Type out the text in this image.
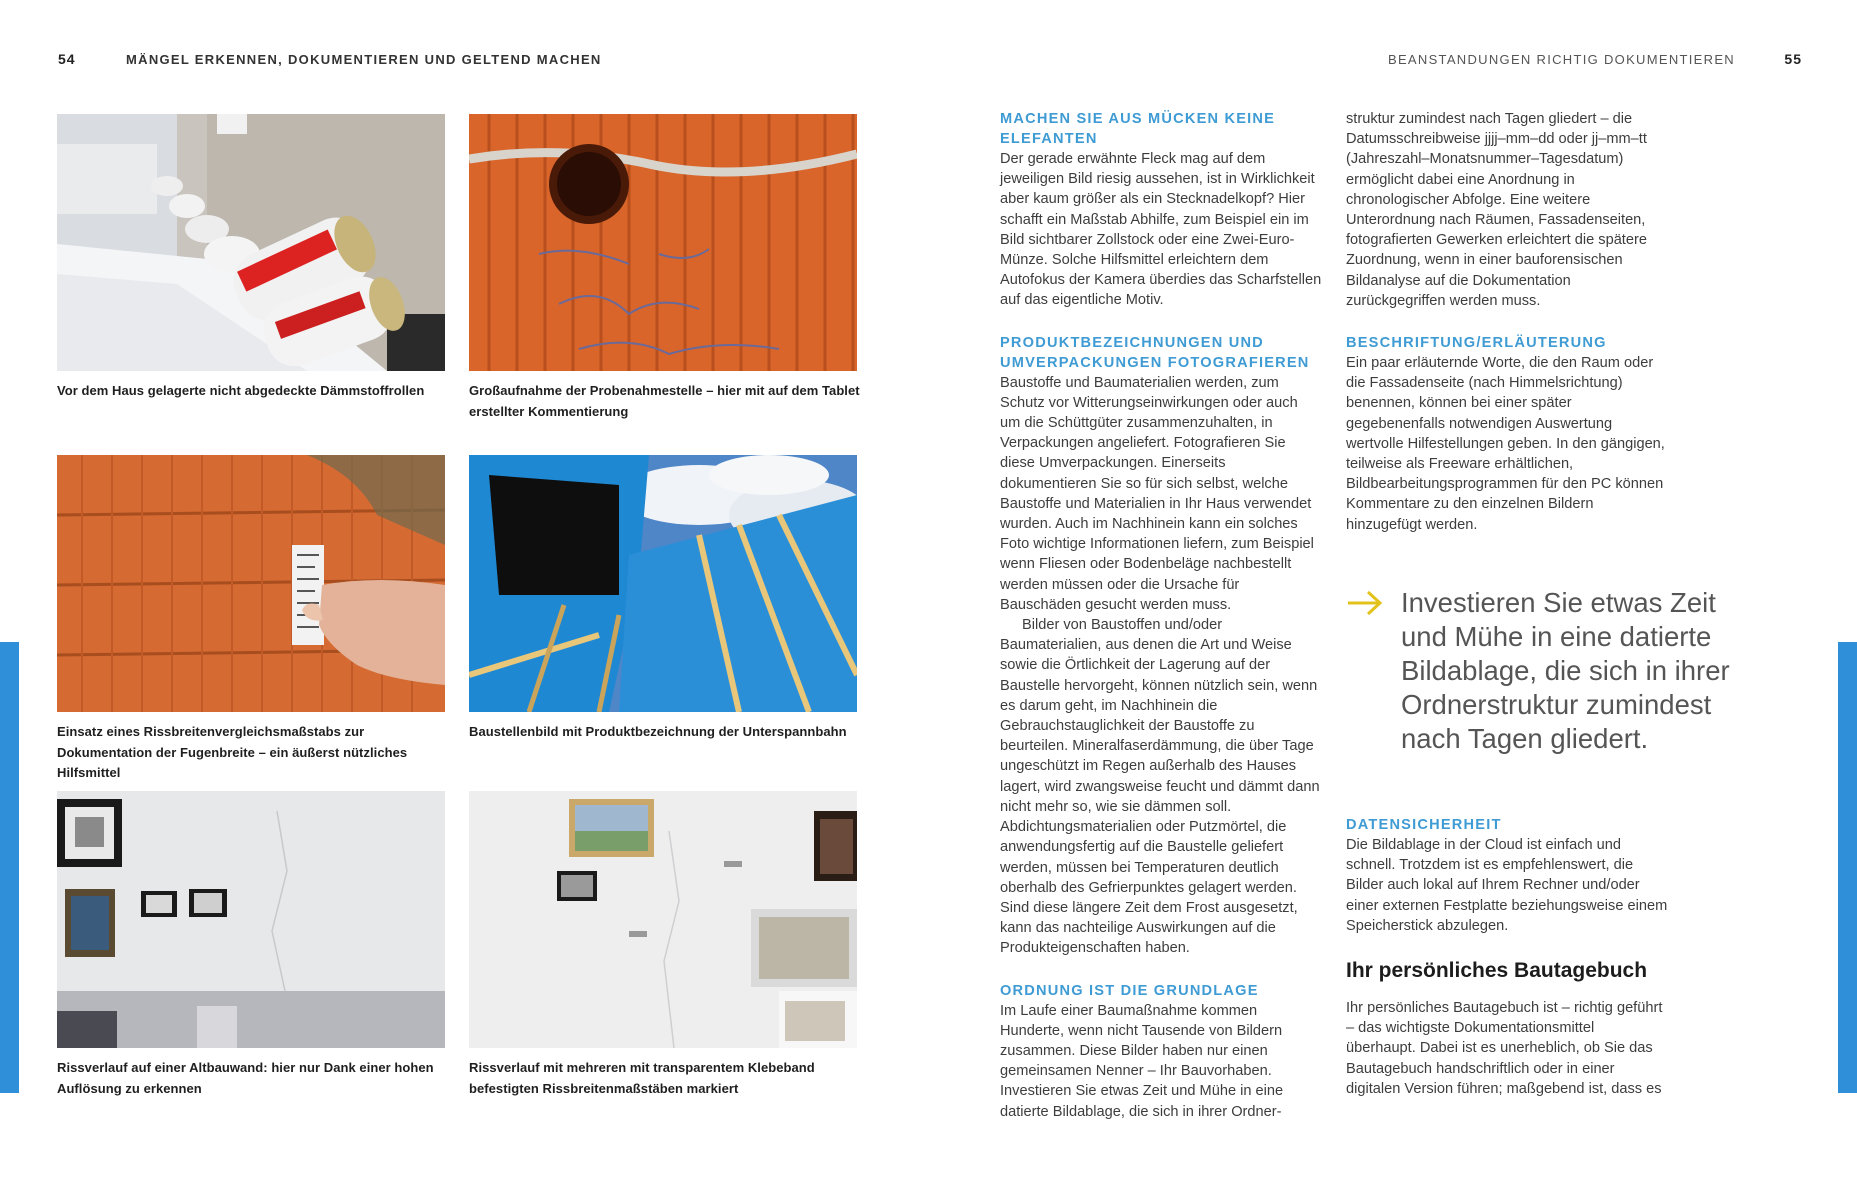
54	MÄNGEL ERKENNEN, DOKUMENTIEREN UND GELTEND MACHEN	BEANSTANDUNGEN RICHTIG DOKUMENTIEREN	55
Vor dem Haus gelagerte nicht abgedeckte Dämmstoffrollen	Großaufnahme der Probenahmestelle – hier mit auf dem Tablet erstellter Kommentierung
Einsatz eines Rissbreitenvergleichsmaßstabs zur Dokumentation der Fugenbreite – ein äußerst nützliches Hilfsmittel
Baustellenbild mit Produktbezeichnung der Unterspannbahn
Rissverlauf auf einer Altbauwand: hier nur Dank einer hohen Auflösung zu erkennen
Rissverlauf mit mehreren mit transparentem Klebeband befestigten Rissbreitenmaßstäben markiert
MACHEN SIE AUS MÜCKEN KEINE ELEFANTEN

Der gerade erwähnte Fleck mag auf dem jeweiligen Bild riesig aussehen, ist in Wirklichkeit aber kaum größer als ein Stecknadelkopf? Hier schafft ein Maßstab Abhilfe, zum Beispiel ein im Bild sichtbarer Zollstock oder eine Zwei-Euro-Münze. Solche Hilfsmittel erleichtern dem Autofokus der Kamera überdies das Scharfstellen auf das eigentliche Motiv.

PRODUKTBEZEICHNUNGEN UND UMVERPACKUNGEN FOTOGRAFIEREN

Baustoffe und Baumaterialien werden, zum Schutz vor Witterungseinwirkungen oder auch um die Schüttgüter zusammenzuhalten, in Verpackungen angeliefert. Fotografieren Sie diese Umverpackungen. Einerseits dokumentieren Sie so für sich selbst, welche Baustoffe und Materialien in Ihr Haus verwendet wurden. Auch im Nachhinein kann ein solches Foto wichtige Informationen liefern, zum Beispiel wenn Fliesen oder Bodenbeläge nachbestellt werden müssen oder die Ursache für Bauschäden gesucht werden muss.

Bilder von Baustoffen und/oder Baumaterialien, aus denen die Art und Weise sowie die Örtlichkeit der Lagerung auf der Baustelle hervorgeht, können nützlich sein, wenn es darum geht, im Nachhinein die Gebrauchstauglichkeit der Baustoffe zu beurteilen. Mineralfaserdämmung, die über Tage ungeschützt im Regen außerhalb des Hauses lagert, wird zwangsweise feucht und dämmt dann nicht mehr so, wie sie dämmen soll. Abdichtungsmaterialien oder Putzmörtel, die anwendungsfertig auf die Baustelle geliefert werden, müssen bei Temperaturen deutlich oberhalb des Gefrierpunktes gelagert werden. Sind diese längere Zeit dem Frost ausgesetzt, kann das nachteilige Auswirkungen auf die Produkteigenschaften haben.

ORDNUNG IST DIE GRUNDLAGE

Im Laufe einer Baumaßnahme kommen Hunderte, wenn nicht Tausende von Bildern zusammen. Diese Bilder haben nur einen gemeinsamen Nenner – Ihr Bauvorhaben. Investieren Sie etwas Zeit und Mühe in eine datierte Bildablage, die sich in ihrer Ordner-

struktur zumindest nach Tagen gliedert – die Datumsschreibweise jjjj–mm–dd oder jj–mm–tt (Jahreszahl–Monatsnummer–Tagesdatum) ermöglicht dabei eine Anordnung in chronologischer Abfolge. Eine weitere Unterordnung nach Räumen, Fassadenseiten, fotografierten Gewerken erleichtert die spätere Zuordnung, wenn in einer bauforensischen Bildanalyse auf die Dokumentation zurückgegriffen werden muss.

BESCHRIFTUNG/ERLÄUTERUNG

Ein paar erläuternde Worte, die den Raum oder die Fassadenseite (nach Himmelsrichtung) benennen, können bei einer später gegebenenfalls notwendigen Auswertung wertvolle Hilfestellungen geben. In den gängigen, teilweise als Freeware erhältlichen, Bildbearbeitungsprogrammen für den PC können Kommentare zu den einzelnen Bildern hinzugefügt werden.

Investieren Sie etwas Zeit und Mühe in eine datierte Bildablage, die sich in ihrer Ordnerstruktur zumindest nach Tagen gliedert.
DATENSICHERHEIT

Die Bildablage in der Cloud ist einfach und schnell. Trotzdem ist es empfehlenswert, die Bilder auch lokal auf Ihrem Rechner und/oder einer externen Festplatte beziehungsweise einem Speicherstick abzulegen.

Ihr persönliches Bautagebuch

Ihr persönliches Bautagebuch ist – richtig geführt – das wichtigste Dokumentationsmittel überhaupt. Dabei ist es unerheblich, ob Sie das Bautagebuch handschriftlich oder in einer digitalen Version führen; maßgebend ist, dass es
